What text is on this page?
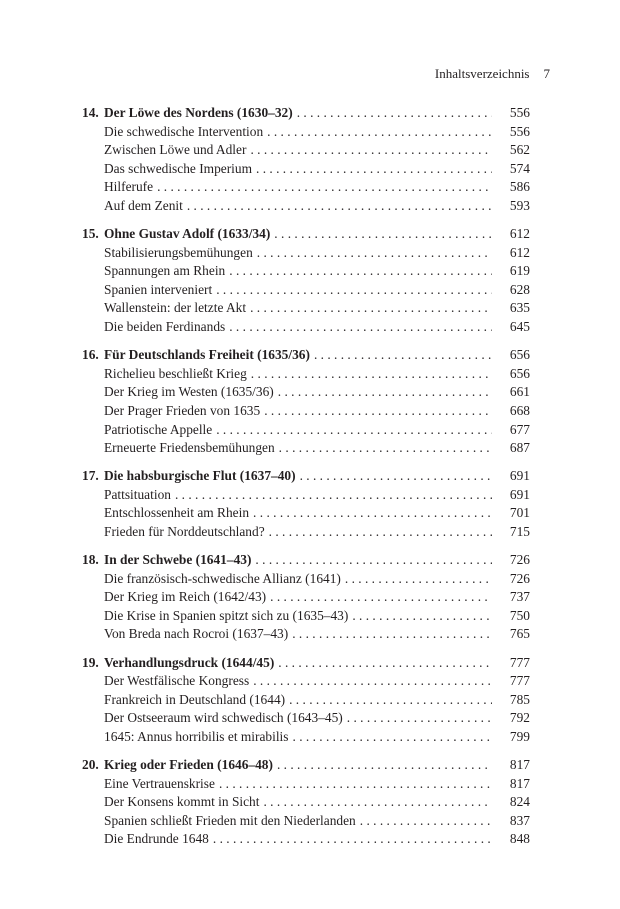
Inhaltsverzeichnis 7
14. Der Löwe des Nordens (1630–32) . . .	556
Die schwedische Intervention . . .	556
Zwischen Löwe und Adler . . .	562
Das schwedische Imperium . . .	574
Hilferufe . . .	586
Auf dem Zenit . . .	593
15. Ohne Gustav Adolf (1633/34) . . .	612
Stabilisierungsbemühungen . . .	612
Spannungen am Rhein . . .	619
Spanien interveniert . . .	628
Wallenstein: der letzte Akt . . .	635
Die beiden Ferdinands . . .	645
16. Für Deutschlands Freiheit (1635/36) . . .	656
Richelieu beschließt Krieg . . .	656
Der Krieg im Westen (1635/36) . . .	661
Der Prager Frieden von 1635 . . .	668
Patriotische Appelle . . .	677
Erneuerte Friedensbemühungen . . .	687
17. Die habsburgische Flut (1637–40) . . .	691
Pattsituation . . .	691
Entschlossenheit am Rhein . . .	701
Frieden für Norddeutschland? . . .	715
18. In der Schwebe (1641–43) . . .	726
Die französisch-schwedische Allianz (1641) . . .	726
Der Krieg im Reich (1642/43) . . .	737
Die Krise in Spanien spitzt sich zu (1635–43) . . .	750
Von Breda nach Rocroi (1637–43) . . .	765
19. Verhandlungsdruck (1644/45) . . .	777
Der Westfälische Kongress . . .	777
Frankreich in Deutschland (1644) . . .	785
Der Ostseeraum wird schwedisch (1643–45) . . .	792
1645: Annus horribilis et mirabilis . . .	799
20. Krieg oder Frieden (1646–48) . . .	817
Eine Vertrauenskrise . . .	817
Der Konsens kommt in Sicht . . .	824
Spanien schließt Frieden mit den Niederlanden . . .	837
Die Endrunde 1648 . . .	848
